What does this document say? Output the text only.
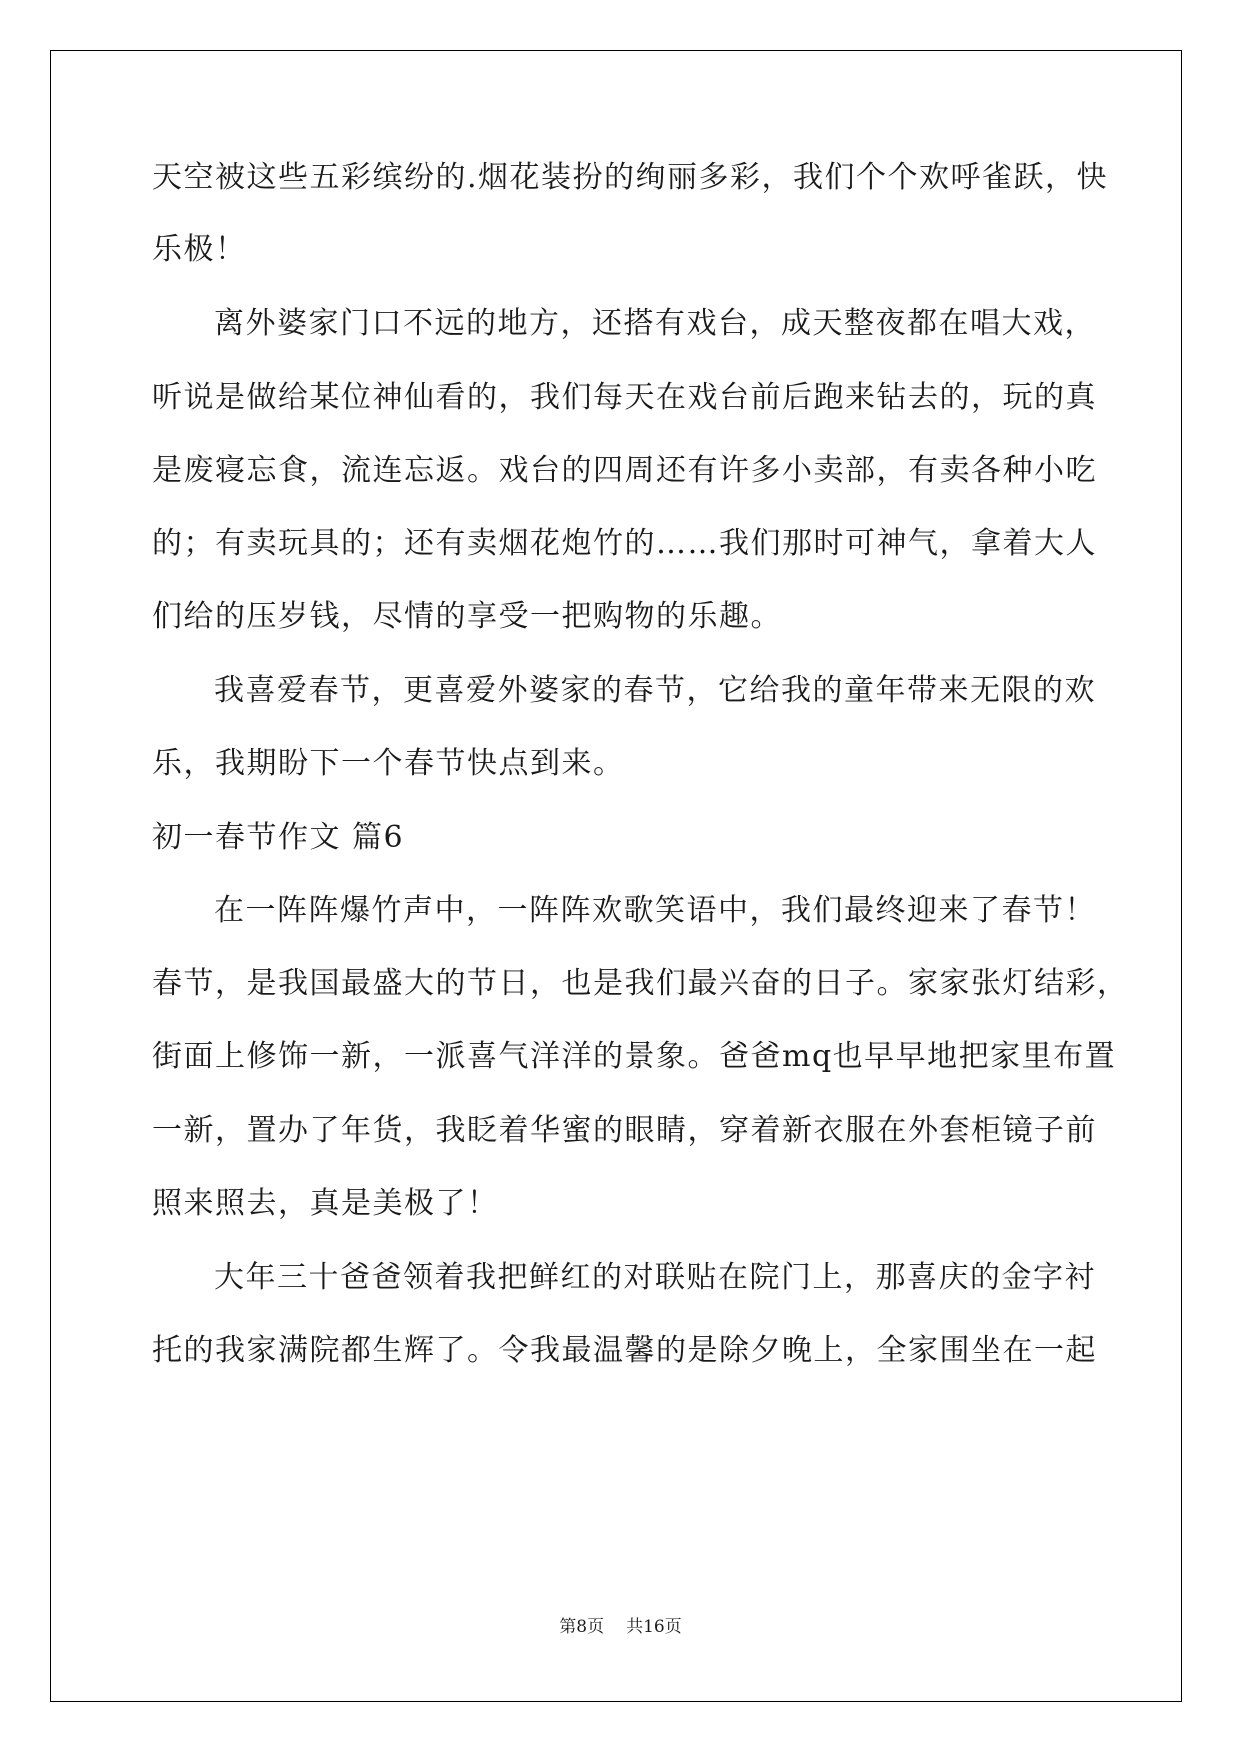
天空被这些五彩缤纷的.烟花装扮的绚丽多彩，我们个个欢呼雀跃，快
乐极！
离外婆家门口不远的地方，还搭有戏台，成天整夜都在唱大戏，
听说是做给某位神仙看的，我们每天在戏台前后跑来钻去的，玩的真
是废寝忘食，流连忘返。戏台的四周还有许多小卖部，有卖各种小吃
的；有卖玩具的；还有卖烟花炮竹的……我们那时可神气，拿着大人
们给的压岁钱，尽情的享受一把购物的乐趣。
我喜爱春节，更喜爱外婆家的春节，它给我的童年带来无限的欢
乐，我期盼下一个春节快点到来。
初一春节作文 篇6
在一阵阵爆竹声中，一阵阵欢歌笑语中，我们最终迎来了春节！
春节，是我国最盛大的节日，也是我们最兴奋的日子。家家张灯结彩，
街面上修饰一新，一派喜气洋洋的景象。爸爸mq也早早地把家里布置
一新，置办了年货，我眨着华蜜的眼睛，穿着新衣服在外套柜镜子前
照来照去，真是美极了！
大年三十爸爸领着我把鲜红的对联贴在院门上，那喜庆的金字衬
托的我家满院都生辉了。令我最温馨的是除夕晚上，全家围坐在一起
第8页 共16页
